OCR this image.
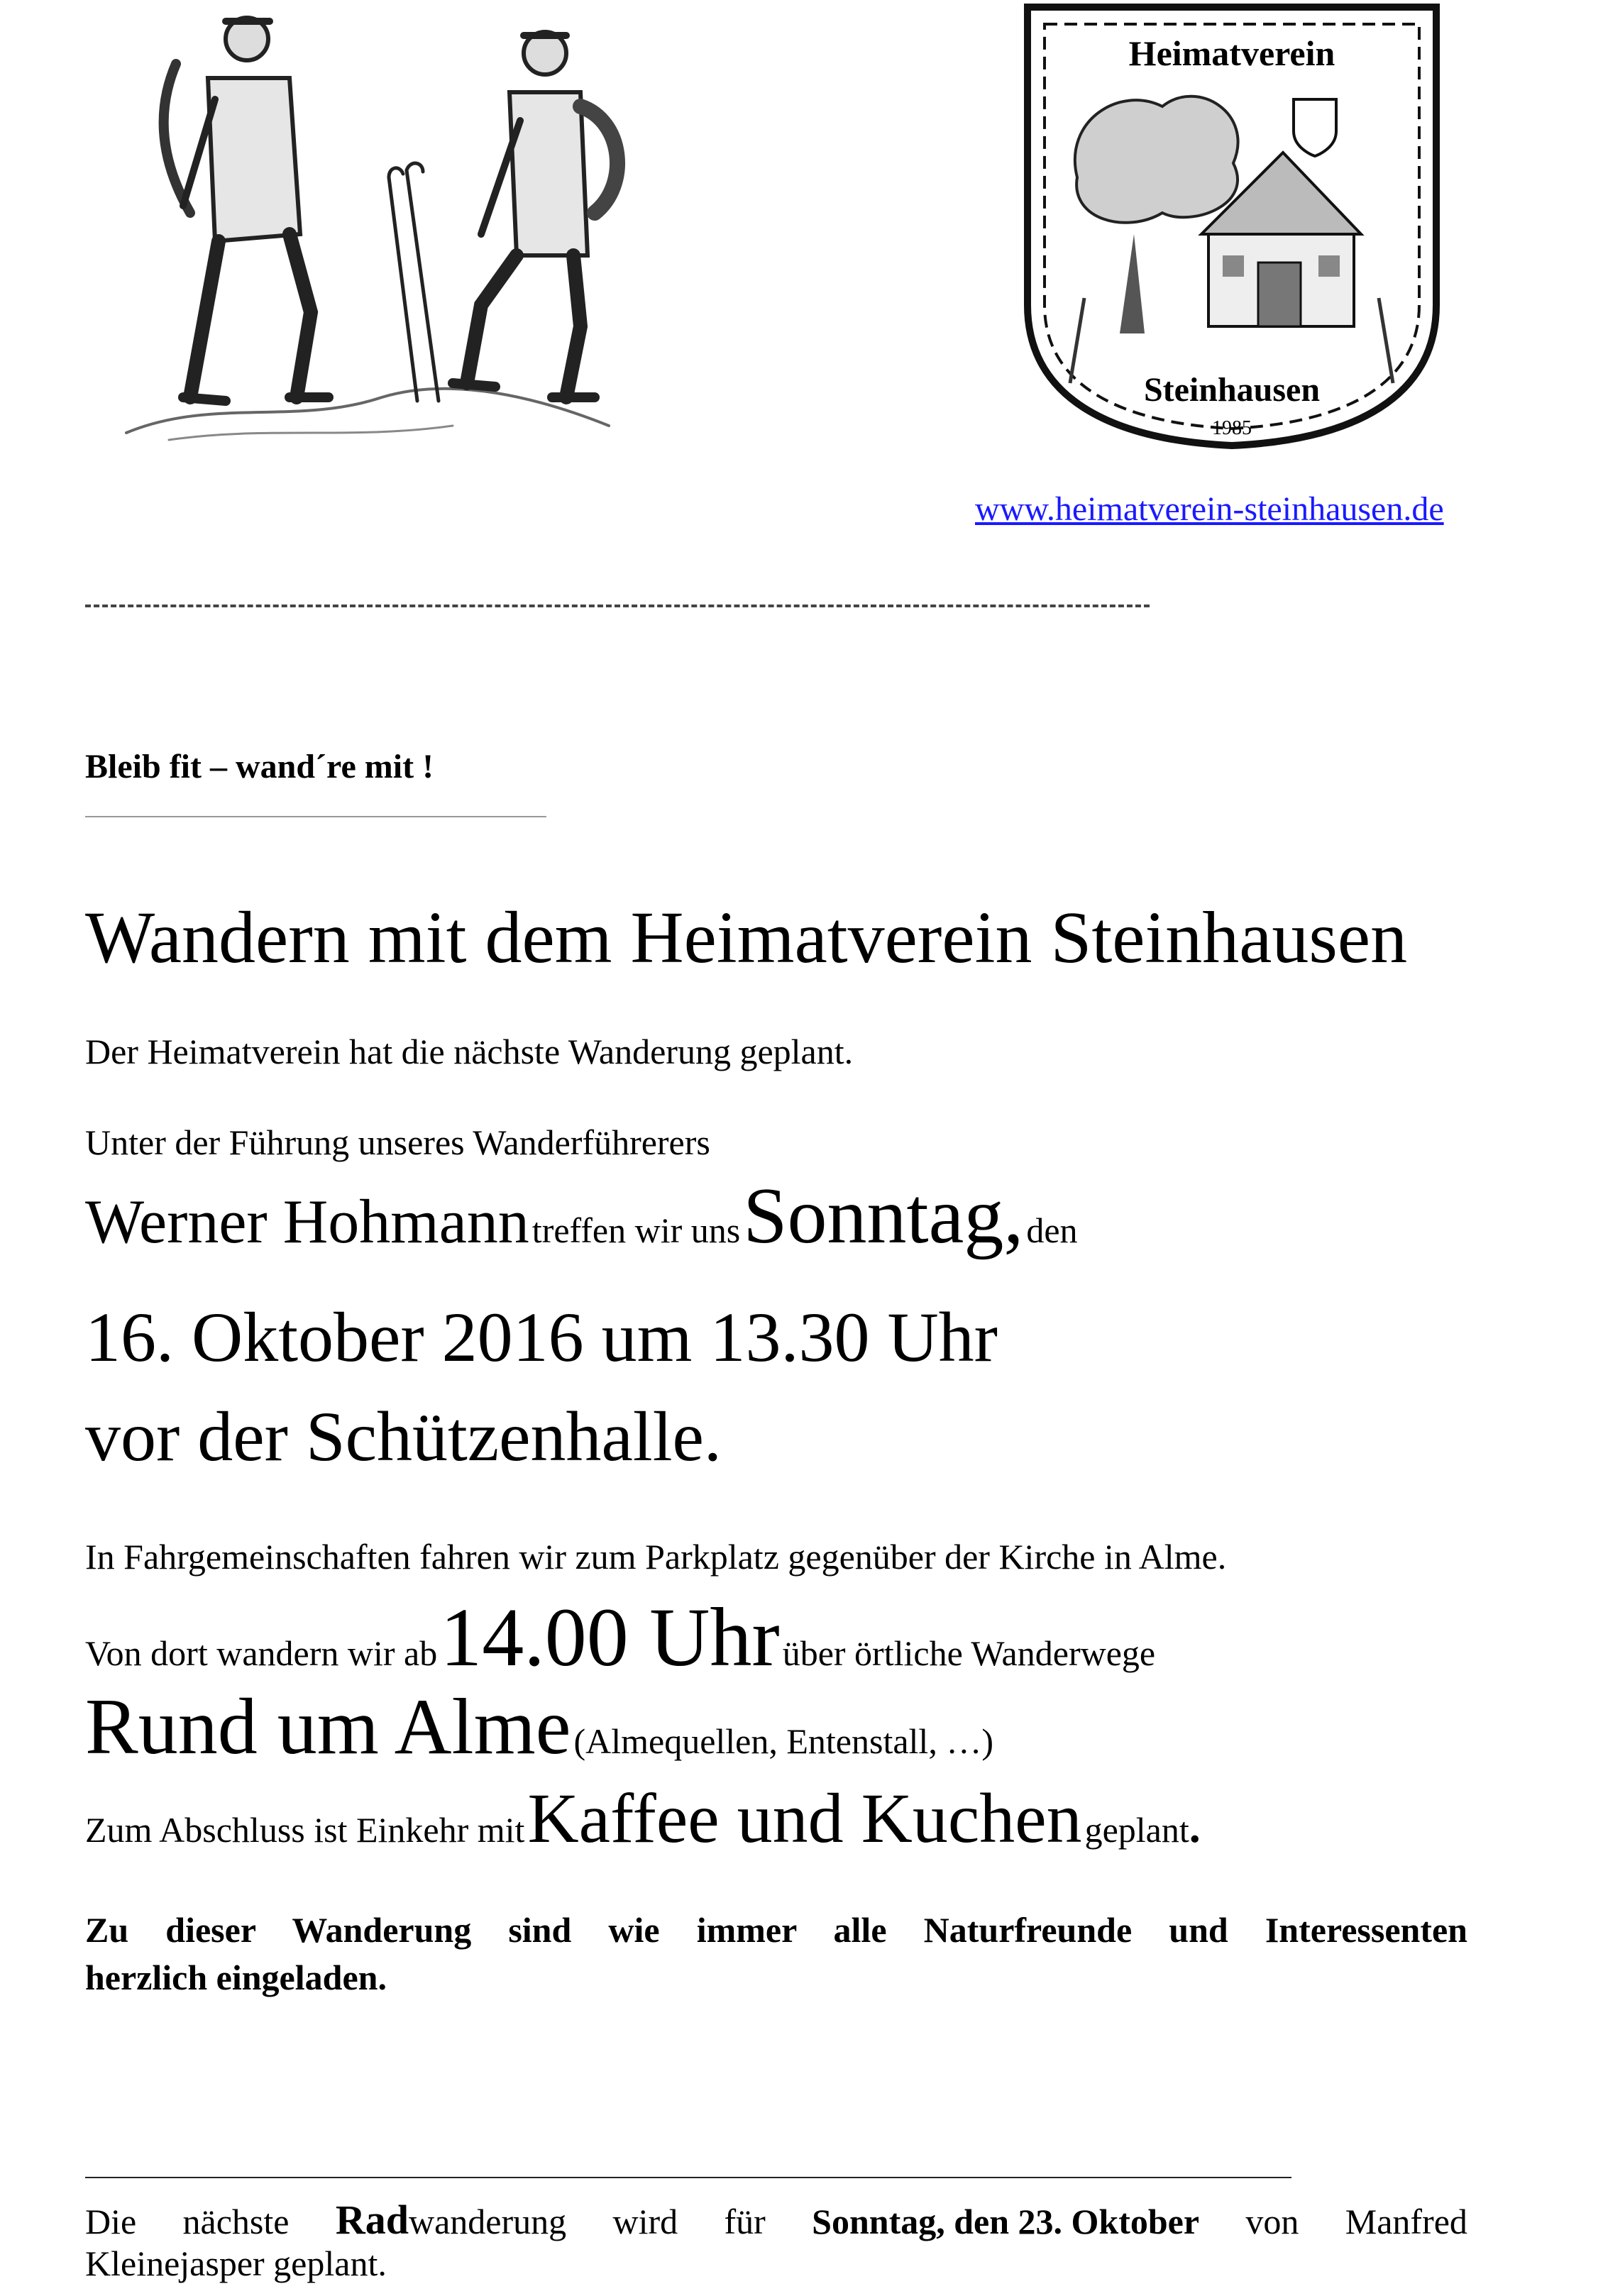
Heimatverein
Steinhausen
1985
www.heimatverein-steinhausen.de
Bleib fit – wand´re mit !
Wandern mit dem Heimatverein Steinhausen
Der Heimatverein hat die nächste Wanderung geplant.
Unter der Führung unseres Wanderführerers
Werner Hohmann treffen wir uns Sonntag, den
16. Oktober 2016 um 13.30 Uhr
vor der Schützenhalle.
In Fahrgemeinschaften fahren wir zum Parkplatz gegenüber der Kirche in Alme.
Von dort wandern wir ab 14.00 Uhr über örtliche Wanderwege
Rund um Alme (Almequellen, Entenstall, …)
Zum Abschluss ist Einkehr mit Kaffee und Kuchen geplant.
Zu dieser Wanderung sind wie immer alle Naturfreunde und Interessenten
herzlich eingeladen.
Die nächste Radwanderung wird für Sonntag, den 23. Oktober von Manfred
Kleinejasper geplant.
